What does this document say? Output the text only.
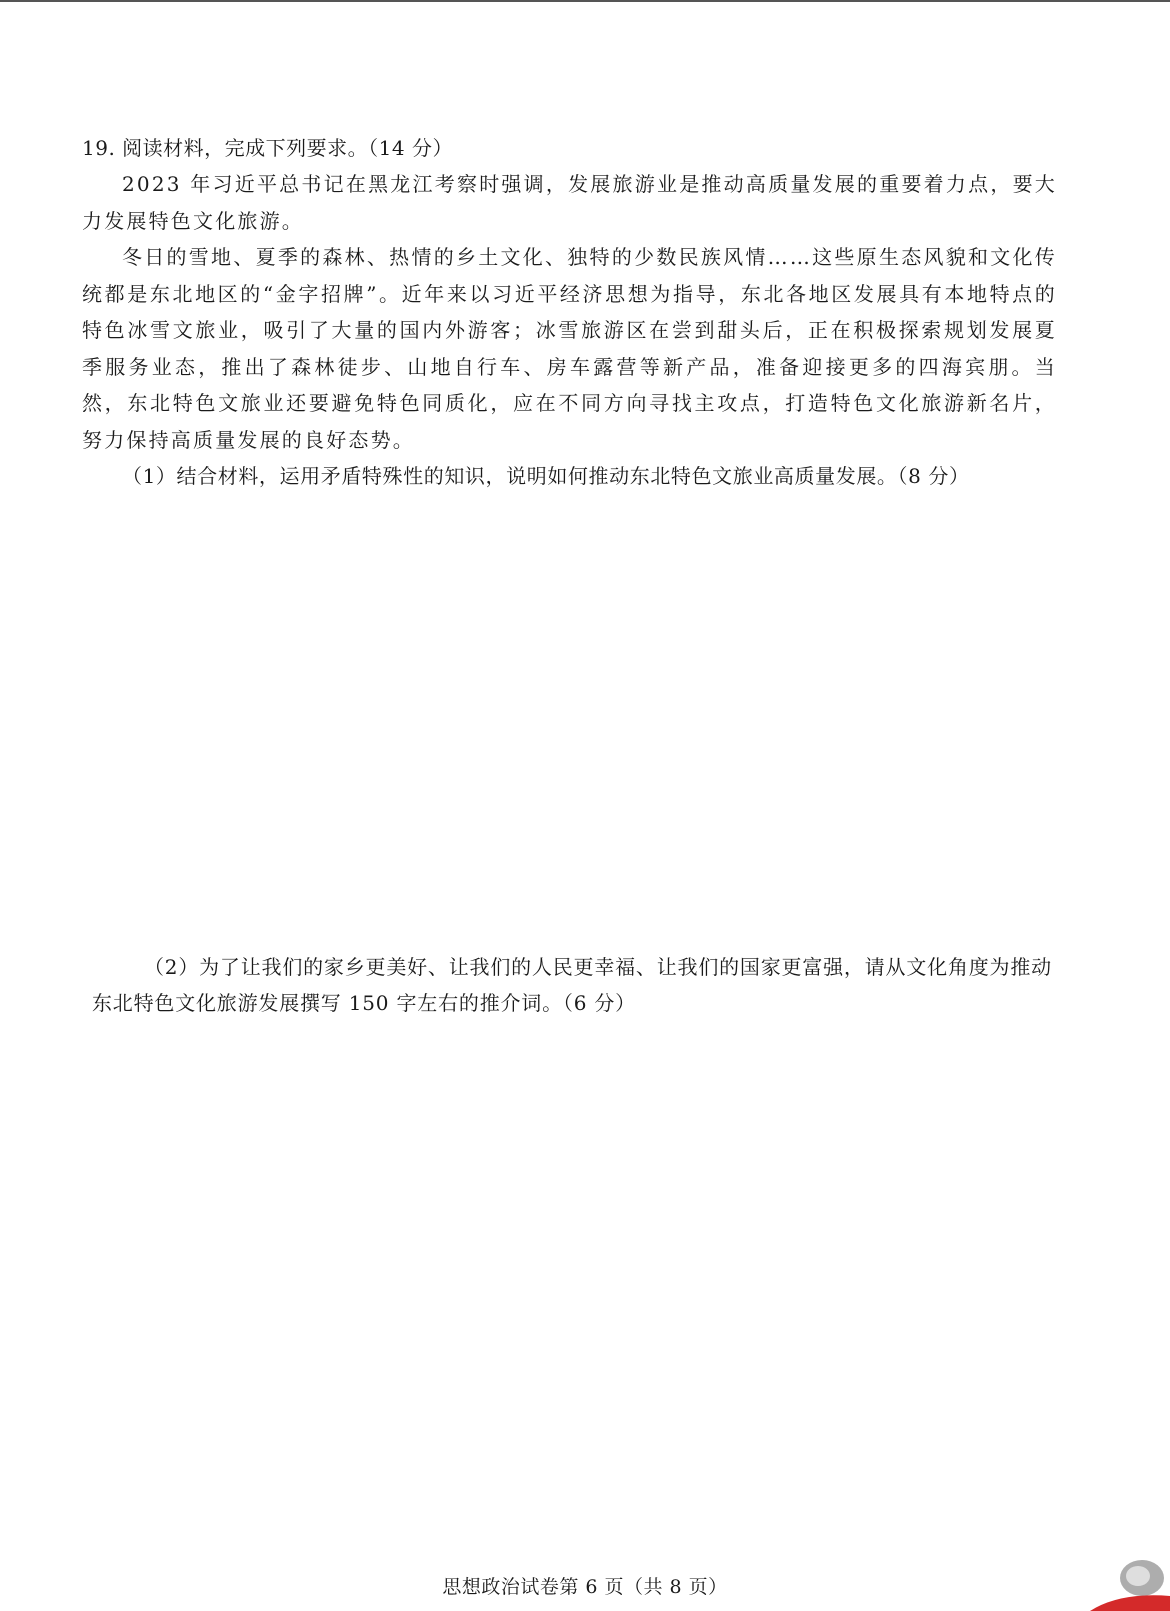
19. 阅读材料，完成下列要求。（14 分）

2023 年习近平总书记在黑龙江考察时强调，发展旅游业是推动高质量发展的重要着力点，要大力发展特色文化旅游。

冬日的雪地、夏季的森林、热情的乡土文化、独特的少数民族风情……这些原生态风貌和文化传统都是东北地区的“金字招牌”。近年来以习近平经济思想为指导，东北各地区发展具有本地特点的特色冰雪文旅业，吸引了大量的国内外游客；冰雪旅游区在尝到甜头后，正在积极探索规划发展夏季服务业态，推出了森林徒步、山地自行车、房车露营等新产品，准备迎接更多的四海宾朋。当然，东北特色文旅业还要避免特色同质化，应在不同方向寻找主攻点，打造特色文化旅游新名片，努力保持高质量发展的良好态势。

（1）结合材料，运用矛盾特殊性的知识，说明如何推动东北特色文旅业高质量发展。（8 分）

（2）为了让我们的家乡更美好、让我们的人民更幸福、让我们的国家更富强，请从文化角度为推动东北特色文化旅游发展撰写 150 字左右的推介词。（6 分）

思想政治试卷第 6 页（共 8 页）
